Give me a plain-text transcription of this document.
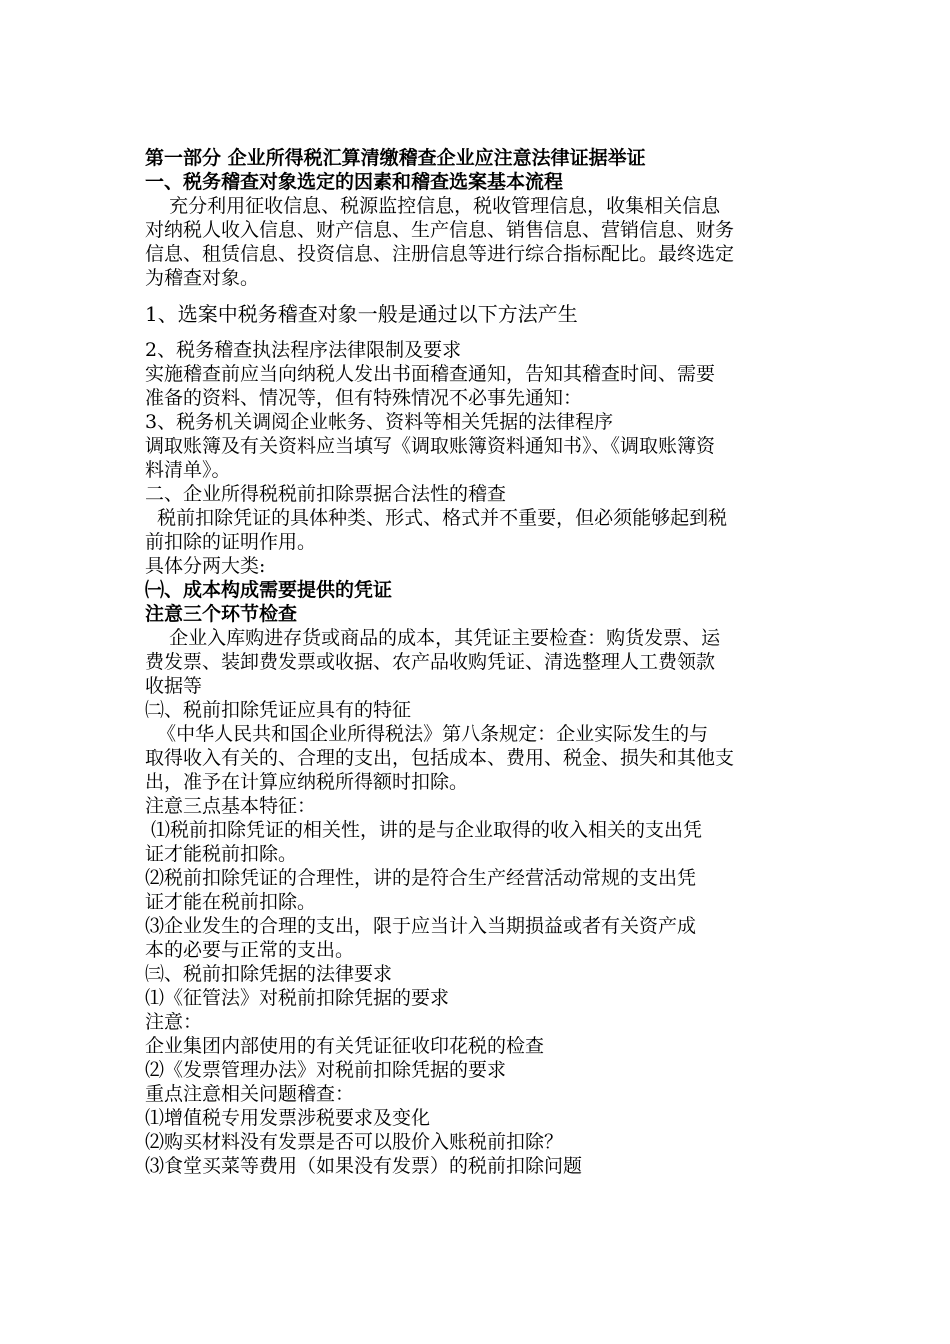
第一部分 企业所得税汇算清缴稽查企业应注意法律证据举证
一、税务稽查对象选定的因素和稽查选案基本流程
充分利用征收信息、税源监控信息，税收管理信息，收集相关信息
对纳税人收入信息、财产信息、生产信息、销售信息、营销信息、财务
信息、租赁信息、投资信息、注册信息等进行综合指标配比。最终选定
为稽查对象。
1、选案中税务稽查对象一般是通过以下方法产生
2、税务稽查执法程序法律限制及要求
实施稽查前应当向纳税人发出书面稽查通知，告知其稽查时间、需要
准备的资料、情况等，但有特殊情况不必事先通知：
3、税务机关调阅企业帐务、资料等相关凭据的法律程序
调取账簿及有关资料应当填写《调取账簿资料通知书》、《调取账簿资
料清单》。
二、企业所得税税前扣除票据合法性的稽查
税前扣除凭证的具体种类、形式、格式并不重要，但必须能够起到税
前扣除的证明作用。
具体分两大类:
㈠、成本构成需要提供的凭证
注意三个环节检查
企业入库购进存货或商品的成本，其凭证主要检查：购货发票、运
费发票、装卸费发票或收据、农产品收购凭证、清选整理人工费领款
收据等
㈡、税前扣除凭证应具有的特征
《中华人民共和国企业所得税法》第八条规定：企业实际发生的与
取得收入有关的、合理的支出，包括成本、费用、税金、损失和其他支
出，准予在计算应纳税所得额时扣除。
注意三点基本特征：
⑴税前扣除凭证的相关性，讲的是与企业取得的收入相关的支出凭
证才能税前扣除。
⑵税前扣除凭证的合理性，讲的是符合生产经营活动常规的支出凭
证才能在税前扣除。
⑶企业发生的合理的支出，限于应当计入当期损益或者有关资产成
本的必要与正常的支出。
㈢、税前扣除凭据的法律要求
⑴《征管法》对税前扣除凭据的要求
注意：
企业集团内部使用的有关凭证征收印花税的检查
⑵《发票管理办法》对税前扣除凭据的要求
重点注意相关问题稽查：
⑴增值税专用发票涉税要求及变化
⑵购买材料没有发票是否可以股价入账税前扣除？
⑶食堂买菜等费用（如果没有发票）的税前扣除问题
